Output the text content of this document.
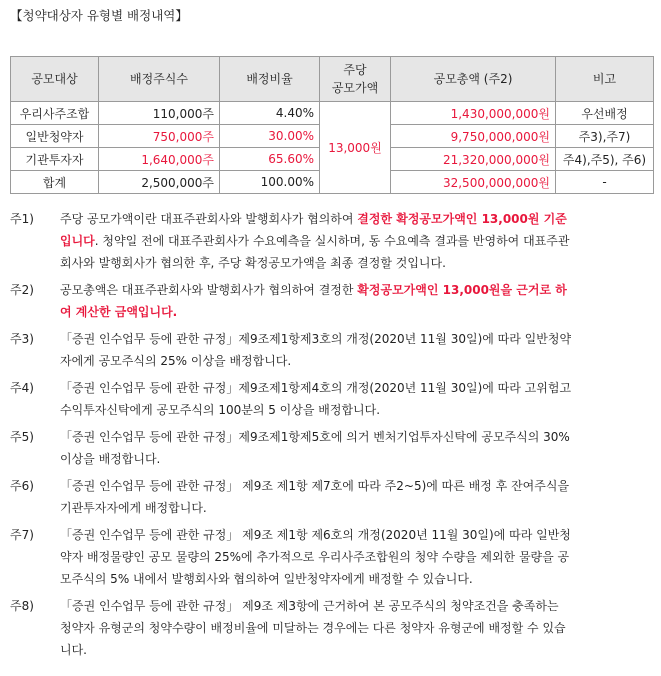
【청약대상자 유형별 배정내역】
공모대상	배정주식수	배정비율	주당
공모가액	공모총액 (주2)	비고
우리사주조합	110,000주	4.40%	13,000원	1,430,000,000원	우선배정
일반청약자	750,000주	30.00%		9,750,000,000원	주3),주7)
기관투자자	1,640,000주	65.60%		21,320,000,000원	주4),주5), 주6)
합계	2,500,000주	100.00%		32,500,000,000원	-
주1)	주당 공모가액이란 대표주관회사와 발행회사가 협의하여 결정한 확정공모가액인 13,000원 기준입니다. 청약일 전에 대표주관회사가 수요예측을 실시하며, 동 수요예측 결과를 반영하여 대표주관회사와 발행회사가 협의한 후, 주당 확정공모가액을 최종 결정할 것입니다.
주2)	공모총액은 대표주관회사와 발행회사가 협의하여 결정한 확정공모가액인 13,000원을 근거로 하여 계산한 금액입니다.
주3)	「증권 인수업무 등에 관한 규정」제9조제1항제3호의 개정(2020년 11월 30일)에 따라 일반청약자에게 공모주식의 25% 이상을 배정합니다.
주4)	「증권 인수업무 등에 관한 규정」제9조제1항제4호의 개정(2020년 11월 30일)에 따라 고위험고수익투자신탁에게 공모주식의 100분의 5 이상을 배정합니다.
주5)	「증권 인수업무 등에 관한 규정」제9조제1항제5호에 의거 벤처기업투자신탁에 공모주식의 30% 이상을 배정합니다.
주6)	「증권 인수업무 등에 관한 규정」 제9조 제1항 제7호에 따라 주2~5)에 따른 배정 후 잔여주식을 기관투자자에게 배정합니다.
주7)	「증권 인수업무 등에 관한 규정」 제9조 제1항 제6호의 개정(2020년 11월 30일)에 따라 일반청약자 배정물량인 공모 물량의 25%에 추가적으로 우리사주조합원의 청약 수량을 제외한 물량을 공모주식의 5% 내에서 발행회사와 협의하여 일반청약자에게 배정할 수 있습니다.
주8)	「증권 인수업무 등에 관한 규정」 제9조 제3항에 근거하여 본 공모주식의 청약조건을 충족하는 청약자 유형군의 청약수량이 배정비율에 미달하는 경우에는 다른 청약자 유형군에 배정할 수 있습니다.
